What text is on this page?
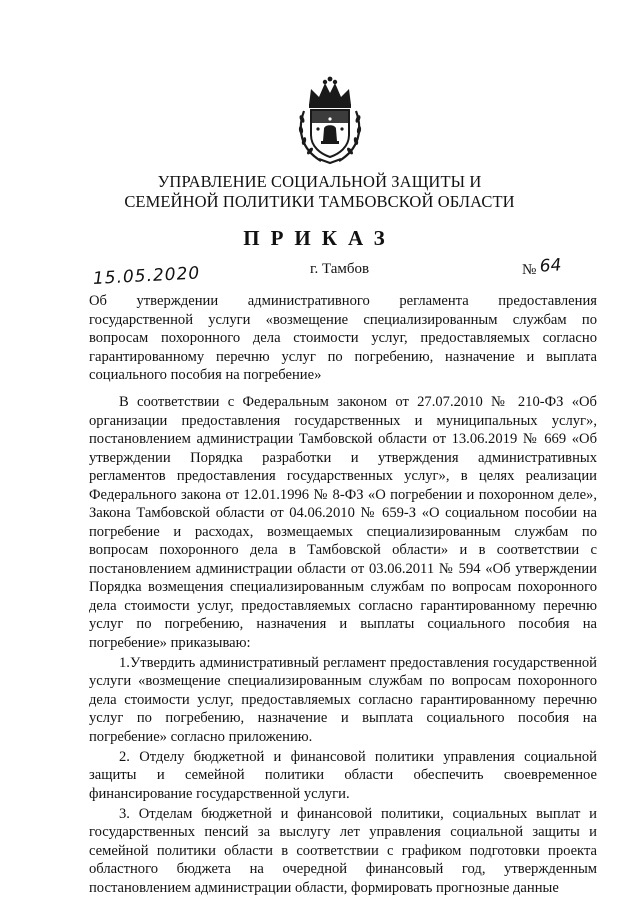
УПРАВЛЕНИЕ СОЦИАЛЬНОЙ ЗАЩИТЫ И
СЕМЕЙНОЙ ПОЛИТИКИ ТАМБОВСКОЙ ОБЛАСТИ
ПРИКАЗ
15.05.2020	г. Тамбов	№ 64

Об утверждении административного регламента предоставления государственной услуги «возмещение специализированным службам по вопросам похоронного дела стоимости услуг, предоставляемых согласно гарантированному перечню услуг по погребению, назначение и выплата социального пособия на погребение»

В соответствии с Федеральным законом от 27.07.2010 № 210-ФЗ «Об организации предоставления государственных и муниципальных услуг», постановлением администрации Тамбовской области от 13.06.2019 № 669 «Об утверждении Порядка разработки и утверждения административных регламентов предоставления государственных услуг», в целях реализации Федерального закона от 12.01.1996 № 8-ФЗ «О погребении и похоронном деле», Закона Тамбовской области от 04.06.2010 № 659-З «О социальном пособии на погребение и расходах, возмещаемых специализированным службам по вопросам похоронного дела в Тамбовской области» и в соответствии с постановлением администрации области от 03.06.2011 № 594 «Об утверждении Порядка возмещения специализированным службам по вопросам похоронного дела стоимости услуг, предоставляемых согласно гарантированному перечню услуг по погребению, назначения и выплаты социального пособия на погребение» приказываю:

1.Утвердить административный регламент предоставления государственной услуги «возмещение специализированным службам по вопросам похоронного дела стоимости услуг, предоставляемых согласно гарантированному перечню услуг по погребению, назначение и выплата социального пособия на погребение» согласно приложению.

2. Отделу бюджетной и финансовой политики управления социальной защиты и семейной политики области обеспечить своевременное финансирование государственной услуги.

3. Отделам бюджетной и финансовой политики, социальных выплат и государственных пенсий за выслугу лет управления социальной защиты и семейной политики области в соответствии с графиком подготовки проекта областного бюджета на очередной финансовый год, утвержденным постановлением администрации области, формировать прогнозные данные
